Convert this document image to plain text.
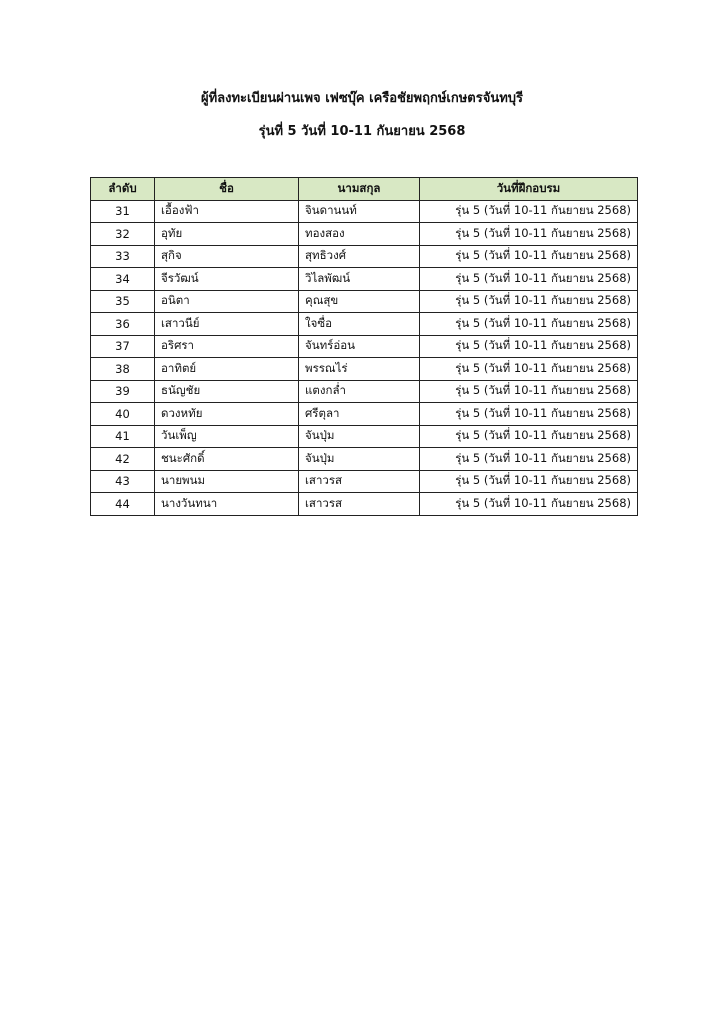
ผู้ที่ลงทะเบียนผ่านเพจ เฟซบุ๊ค เครือชัยพฤกษ์เกษตรจันทบุรี
รุ่นที่ 5 วันที่ 10-11 กันยายน 2568
ลำดับ	ชื่อ	นามสกุล	วันที่ฝึกอบรม
31	เอื้องฟ้า	จินดานนท์	รุ่น 5 (วันที่ 10-11 กันยายน 2568)
32	อุทัย	ทองสอง	รุ่น 5 (วันที่ 10-11 กันยายน 2568)
33	สุกิจ	สุทธิวงศ์	รุ่น 5 (วันที่ 10-11 กันยายน 2568)
34	จีรวัฒน์	วิไลพัฒน์	รุ่น 5 (วันที่ 10-11 กันยายน 2568)
35	อนิตา	คุณสุข	รุ่น 5 (วันที่ 10-11 กันยายน 2568)
36	เสาวนีย์	ใจซื่อ	รุ่น 5 (วันที่ 10-11 กันยายน 2568)
37	อริศรา	จันทร์อ่อน	รุ่น 5 (วันที่ 10-11 กันยายน 2568)
38	อาทิตย์	พรรณไร่	รุ่น 5 (วันที่ 10-11 กันยายน 2568)
39	ธนัญชัย	แตงกล่ำ	รุ่น 5 (วันที่ 10-11 กันยายน 2568)
40	ดวงหทัย	ศรีตุลา	รุ่น 5 (วันที่ 10-11 กันยายน 2568)
41	วันเพ็ญ	จันปุ่ม	รุ่น 5 (วันที่ 10-11 กันยายน 2568)
42	ชนะศักดิ์	จันปุ่ม	รุ่น 5 (วันที่ 10-11 กันยายน 2568)
43	นายพนม	เสาวรส	รุ่น 5 (วันที่ 10-11 กันยายน 2568)
44	นางวันทนา	เสาวรส	รุ่น 5 (วันที่ 10-11 กันยายน 2568)
